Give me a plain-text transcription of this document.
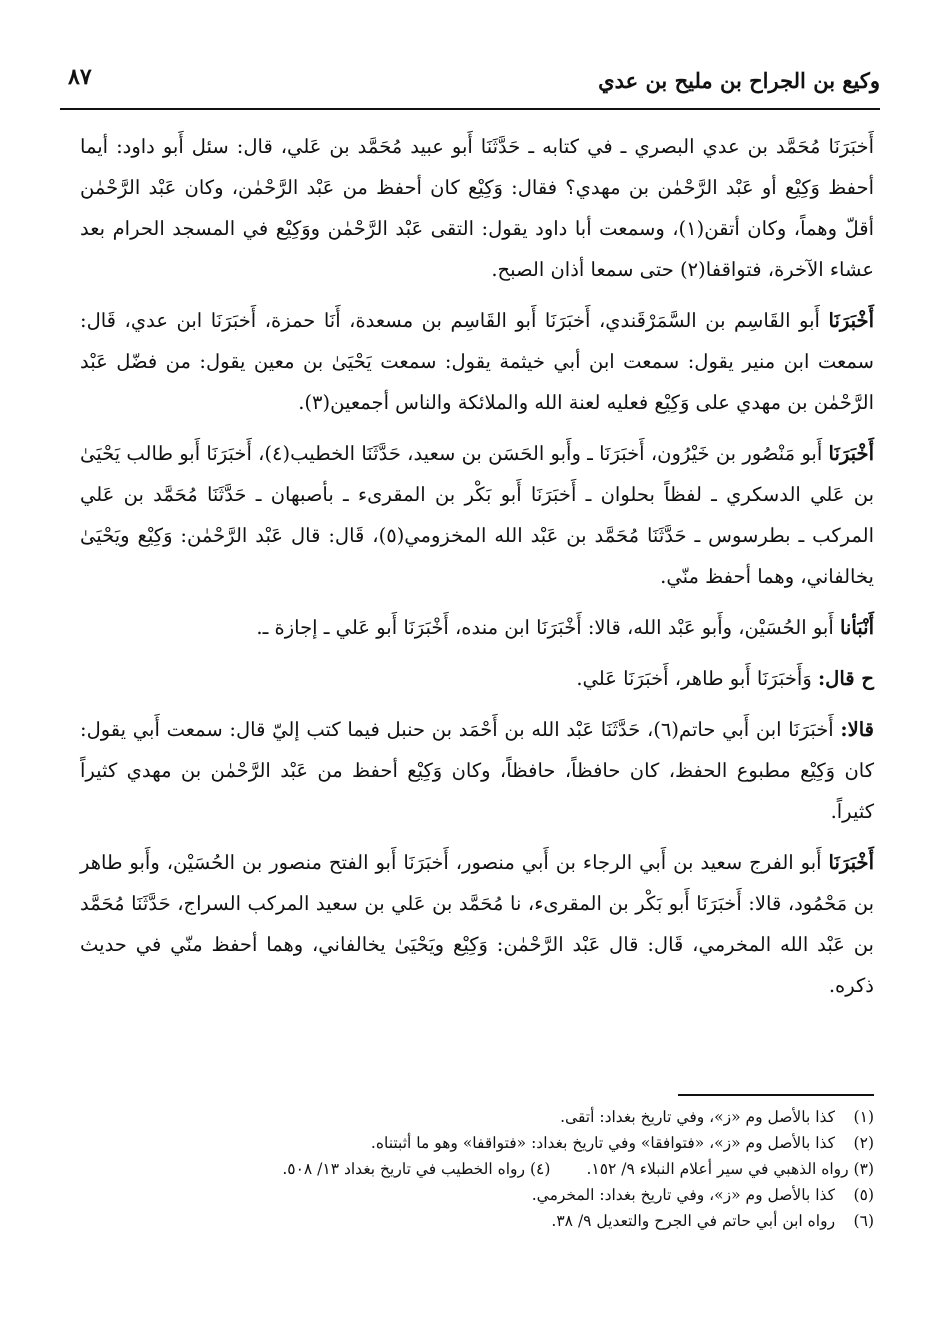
وكيع بن الجراح بن مليح بن عدي
٨٧

أَخبَرَنَا مُحَمَّد بن عدي البصري ـ في كتابه ـ حَدَّثَنَا أَبو عبيد مُحَمَّد بن عَلي، قال: سئل أَبو داود: أيما أحفظ وَكِيْع أو عَبْد الرَّحْمٰن بن مهدي؟ فقال: وَكِيْع كان أحفظ من عَبْد الرَّحْمٰن، وكان عَبْد الرَّحْمٰن أقلّ وهماً، وكان أتقن(١)، وسمعت أبا داود يقول: التقى عَبْد الرَّحْمٰن ووَكِيْع في المسجد الحرام بعد عشاء الآخرة، فتواقفا(٢) حتى سمعا أذان الصبح.

أَخْبَرَنَا أَبو القَاسِم بن السَّمَرْقَندي، أَخبَرَنَا أَبو القَاسِم بن مسعدة، أَنَا حمزة، أَخبَرَنَا ابن عدي، قَال: سمعت ابن منير يقول: سمعت ابن أبي خيثمة يقول: سمعت يَحْيَىٰ بن معين يقول: من فضّل عَبْد الرَّحْمٰن بن مهدي على وَكِيْع فعليه لعنة الله والملائكة والناس أجمعين(٣).

أَخْبَرَنَا أَبو مَنْصُور بن خَيْرُون، أَخبَرَنَا ـ وأَبو الحَسَن بن سعيد، حَدَّثَنَا الخطيب(٤)، أَخبَرَنَا أَبو طالب يَحْيَىٰ بن عَلي الدسكري ـ لفظاً بحلوان ـ أَخبَرَنَا أَبو بَكْر بن المقرىء ـ بأصبهان ـ حَدَّثَنَا مُحَمَّد بن عَلي المركب ـ بطرسوس ـ حَدَّثَنَا مُحَمَّد بن عَبْد الله المخزومي(٥)، قَال: قال عَبْد الرَّحْمٰن: وَكِيْع ويَحْيَىٰ يخالفاني، وهما أحفظ منّي.

أَنْبَأنا أَبو الحُسَيْن، وأَبو عَبْد الله، قالا: أَخْبَرَنَا ابن منده، أَخْبَرَنَا أَبو عَلي ـ إجازة ـ.

ح قال: وَأَخبَرَنَا أَبو طاهر، أَخبَرَنَا عَلي.

قالا: أَخبَرَنَا ابن أَبي حاتم(٦)، حَدَّثَنَا عَبْد الله بن أَحْمَد بن حنبل فيما كتب إليّ قال: سمعت أَبي يقول: كان وَكِيْع مطبوع الحفظ، كان حافظاً، حافظاً، وكان وَكِيْع أحفظ من عَبْد الرَّحْمٰن بن مهدي كثيراً كثيراً.

أَخْبَرَنَا أَبو الفرج سعيد بن أَبي الرجاء بن أَبي منصور، أَخبَرَنَا أَبو الفتح منصور بن الحُسَيْن، وأَبو طاهر بن مَحْمُود، قالا: أَخبَرَنَا أَبو بَكْر بن المقرىء، نا مُحَمَّد بن عَلي بن سعيد المركب السراج، حَدَّثَنَا مُحَمَّد بن عَبْد الله المخرمي، قَال: قال عَبْد الرَّحْمٰن: وَكِيْع ويَحْيَىٰ يخالفاني، وهما أحفظ منّي في حديث ذكره.

(١) كذا بالأصل وم «ز»، وفي تاريخ بغداد: أتقى.
(٢) كذا بالأصل وم «ز»، «فتوافقا» وفي تاريخ بغداد: «فتواقفا» وهو ما أثبتناه.
(٣) رواه الذهبي في سير أعلام النبلاء ٩/ ١٥٢.
(٤) رواه الخطيب في تاريخ بغداد ١٣/ ٥٠٨.
(٥) كذا بالأصل وم «ز»، وفي تاريخ بغداد: المخرمي.
(٦) رواه ابن أبي حاتم في الجرح والتعديل ٩/ ٣٨.
